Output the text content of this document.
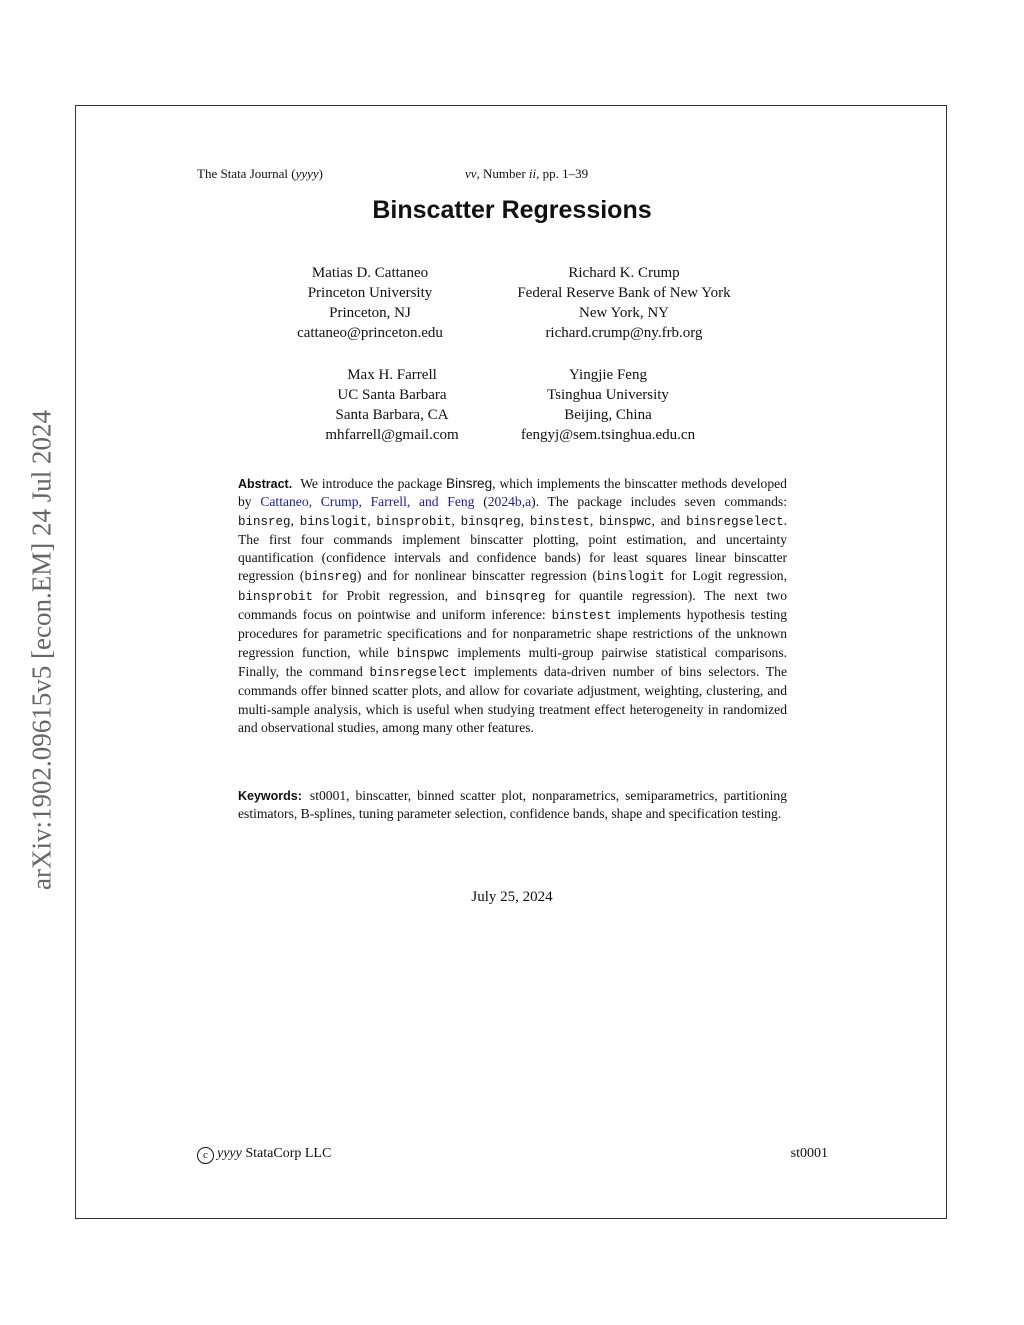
arXiv:1902.09615v5 [econ.EM] 24 Jul 2024
The Stata Journal (yyyy)	vv, Number ii, pp. 1–39
Binscatter Regressions
Matias D. Cattaneo
Princeton University
Princeton, NJ
cattaneo@princeton.edu
Richard K. Crump
Federal Reserve Bank of New York
New York, NY
richard.crump@ny.frb.org
Max H. Farrell
UC Santa Barbara
Santa Barbara, CA
mhfarrell@gmail.com
Yingjie Feng
Tsinghua University
Beijing, China
fengyj@sem.tsinghua.edu.cn
Abstract. We introduce the package Binsreg, which implements the binscatter methods developed by Cattaneo, Crump, Farrell, and Feng (2024b,a). The package includes seven commands: binsreg, binslogit, binsprobit, binsqreg, binstest, binspwc, and binsregselect. The first four commands implement binscatter plotting, point estimation, and uncertainty quantification (confidence intervals and confidence bands) for least squares linear binscatter regression (binsreg) and for nonlinear binscatter regression (binslogit for Logit regression, binsprobit for Probit regression, and binsqreg for quantile regression). The next two commands focus on pointwise and uniform inference: binstest implements hypothesis testing procedures for parametric specifications and for nonparametric shape restrictions of the unknown regression function, while binspwc implements multi-group pairwise statistical comparisons. Finally, the command binsregselect implements data-driven number of bins selectors. The commands offer binned scatter plots, and allow for covariate adjustment, weighting, clustering, and multi-sample analysis, which is useful when studying treatment effect heterogeneity in randomized and observational studies, among many other features.
Keywords: st0001, binscatter, binned scatter plot, nonparametrics, semiparametrics, partitioning estimators, B-splines, tuning parameter selection, confidence bands, shape and specification testing.
July 25, 2024
c yyyy StataCorp LLC	st0001
